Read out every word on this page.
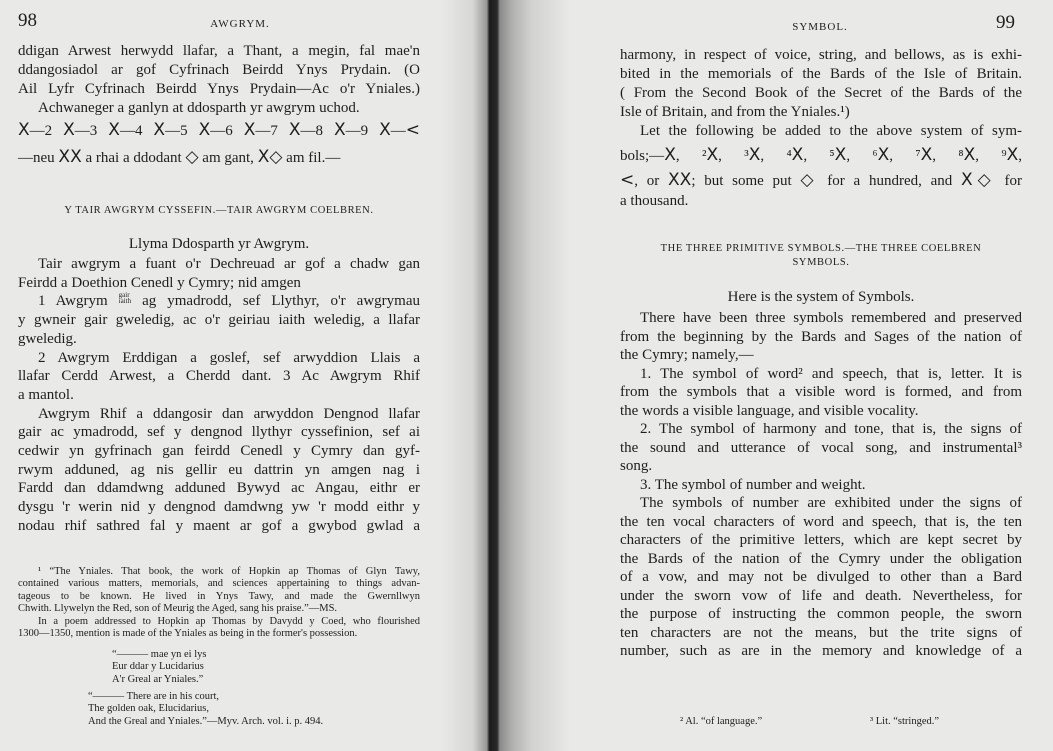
98	AWGRYM.
Y TAIR AWGRYM CYSSEFIN.—TAIR AWGRYM COELBREN.
Llyma Ddosparth yr Awgrym.
ddigan Arwest herwydd llafar, a Thant, a megin, fal mae'n
ddangosiadol ar gof Cyfrinach Beirdd Ynys Prydain. (O
Ail Lyfr Cyfrinach Beirdd Ynys Prydain—Ac o'r Yniales.)
Achwaneger a ganlyn at ddosparth yr awgrym uchod.
X—2 X—3 X—4 X—5 X—6 X—7 X—8 X—9 X—<
—neu XX a rhai a ddodant ◇ am gant, X◇ am fil.—
Tair awgrym a fuant o'r Dechreuad ar gof a chadw gan
Feirdd a Doethion Cenedl y Cymry; nid amgen
1 Awgrym gair
iaith ag ymadrodd, sef Llythyr, o'r awgrymau
y gwneir gair gweledig, ac o'r geiriau iaith weledig, a llafar
gweledig.
2 Awgrym Erddigan a goslef, sef arwyddion Llais a
llafar Cerdd Arwest, a Cherdd dant. 3 Ac Awgrym Rhif
a mantol.
Awgrym Rhif a ddangosir dan arwyddon Dengnod llafar
gair ac ymadrodd, sef y dengnod llythyr cyssefinion, sef ai
cedwir yn gyfrinach gan feirdd Cenedl y Cymry dan gyf-
rwym adduned, ag nis gellir eu dattrin yn amgen nag i
Fardd dan ddamdwng adduned Bywyd ac Angau, eithr er
dysgu 'r werin nid y dengnod damdwng yw 'r modd eithr y
nodau rhif sathred fal y maent ar gof a gwybod gwlad a
¹ “The Yniales. That book, the work of Hopkin ap Thomas of Glyn Tawy,
contained various matters, memorials, and sciences appertaining to things advan-
tageous to be known. He lived in Ynys Tawy, and made the Gwernllwyn
Chwith. Llywelyn the Red, son of Meurig the Aged, sang his praise.”—MS.
In a poem addressed to Hopkin ap Thomas by Davydd y Coed, who flourished
1300—1350, mention is made of the Yniales as being in the former's possession.
“——— mae yn ei lys
Eur ddar y Lucidarius
A'r Greal ar Yniales.”
“——— There are in his court,
The golden oak, Elucidarius,
And the Greal and Yniales.”—Myv. Arch. vol. i. p. 494.
99
SYMBOL.
THE THREE PRIMITIVE SYMBOLS.—THE THREE COELBREN
SYMBOLS.
Here is the system of Symbols.
² Al. “of language.”	³ Lit. “stringed.”
harmony, in respect of voice, string, and bellows, as is exhi-
bited in the memorials of the Bards of the Isle of Britain.
( From the Second Book of the Secret of the Bards of the
Isle of Britain, and from the Yniales.¹)
Let the following be added to the above system of sym-
bols;—X, ²X, ³X, ⁴X, ⁵X, ⁶X, ⁷X, ⁸X, ⁹X,
<, or XX; but some put ◇ for a hundred, and X◇ for
a thousand.
There have been three symbols remembered and preserved
from the beginning by the Bards and Sages of the nation of
the Cymry; namely,—
1. The symbol of word² and speech, that is, letter. It is
from the symbols that a visible word is formed, and from
the words a visible language, and visible vocality.
2. The symbol of harmony and tone, that is, the signs of
the sound and utterance of vocal song, and instrumental³
song.
3. The symbol of number and weight.
The symbols of number are exhibited under the signs of
the ten vocal characters of word and speech, that is, the ten
characters of the primitive letters, which are kept secret by
the Bards of the nation of the Cymry under the obligation
of a vow, and may not be divulged to other than a Bard
under the sworn vow of life and death. Nevertheless, for
the purpose of instructing the common people, the sworn
ten characters are not the means, but the trite signs of
number, such as are in the memory and knowledge of a
